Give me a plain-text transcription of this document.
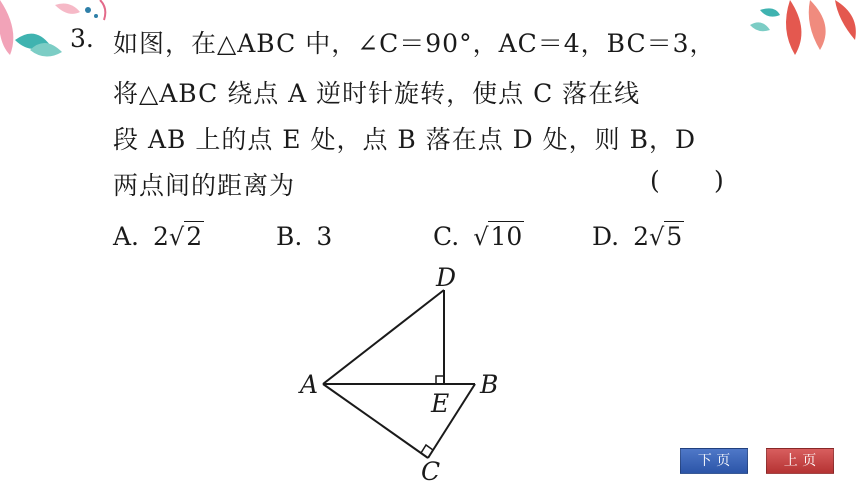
3. 如图，在△ABC 中，∠C＝90°，AC＝4，BC＝3，
将△ABC 绕点 A 逆时针旋转，使点 C 落在线
段 AB 上的点 E 处，点 B 落在点 D 处，则 B，D
两点间的距离为	( )
A. 2√2	B. 3	C. √10	D. 2√5
D
A	B
E
C	下 页	上 页
